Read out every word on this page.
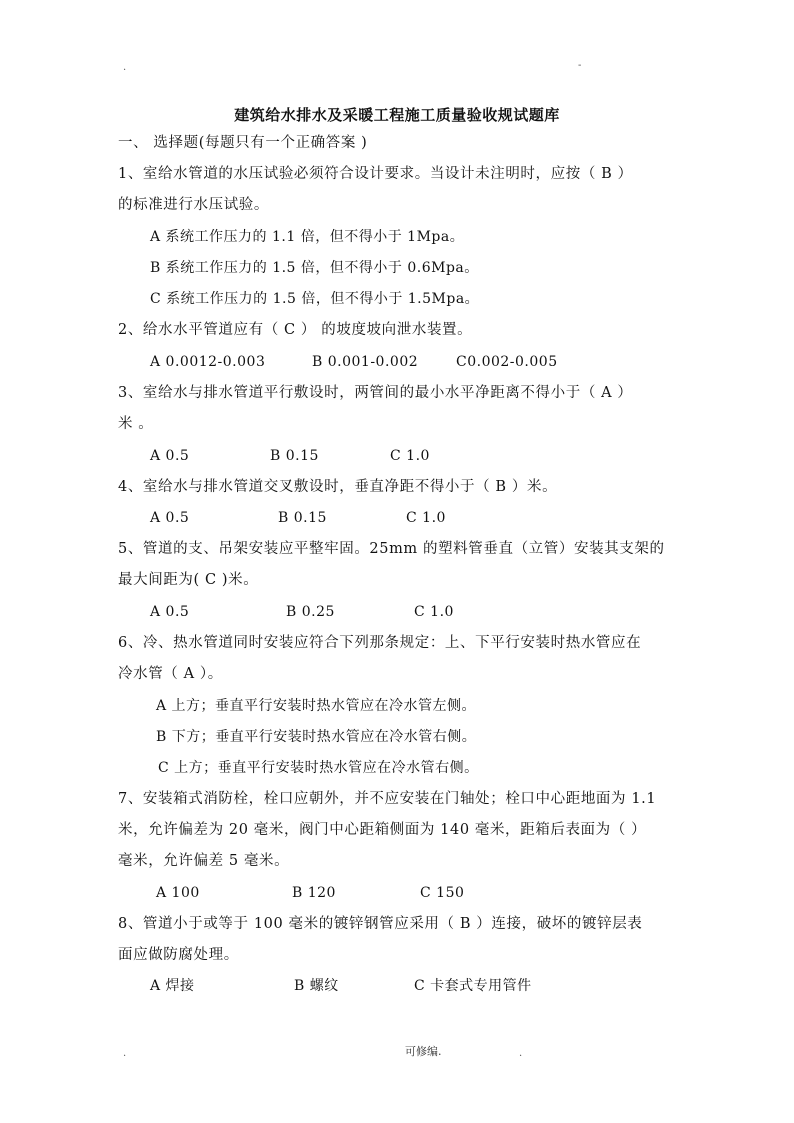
.	-
建筑给水排水及采暖工程施工质量验收规试题库
一、 选择题(每题只有一个正确答案 )
1、室给水管道的水压试验必须符合设计要求。当设计未注明时，应按（ B ）
的标准进行水压试验。
A 系统工作压力的 1.1 倍，但不得小于 1Mpa。
B 系统工作压力的 1.5 倍，但不得小于 0.6Mpa。
C 系统工作压力的 1.5 倍，但不得小于 1.5Mpa。
2、给水水平管道应有（ C ） 的坡度坡向泄水装置。
A 0.0012-0.003	B 0.001-0.002	C0.002-0.005
3、室给水与排水管道平行敷设时，两管间的最小水平净距离不得小于（ A ）
米 。
A 0.5	B 0.15	C 1.0
4、室给水与排水管道交叉敷设时，垂直净距不得小于（ B ）米。
A 0.5	B 0.15	C 1.0
5、管道的支、吊架安装应平整牢固。25mm 的塑料管垂直（立管）安装其支架的
最大间距为( C )米。
A 0.5	B 0.25	C 1.0
6、冷、热水管道同时安装应符合下列那条规定：上、下平行安装时热水管应在
冷水管（ A ）。
A 上方；垂直平行安装时热水管应在冷水管左侧。
B 下方；垂直平行安装时热水管应在冷水管右侧。
C 上方；垂直平行安装时热水管应在冷水管右侧。
7、安装箱式消防栓，栓口应朝外，并不应安装在门轴处；栓口中心距地面为 1.1
米，允许偏差为 20 毫米，阀门中心距箱侧面为 140 毫米，距箱后表面为（ ）
毫米，允许偏差 5 毫米。
A 100	B 120	C 150
8、管道小于或等于 100 毫米的镀锌钢管应采用（ B ）连接，破坏的镀锌层表
面应做防腐处理。
A 焊接	B 螺纹	C 卡套式专用管件
.	可修编.	.
